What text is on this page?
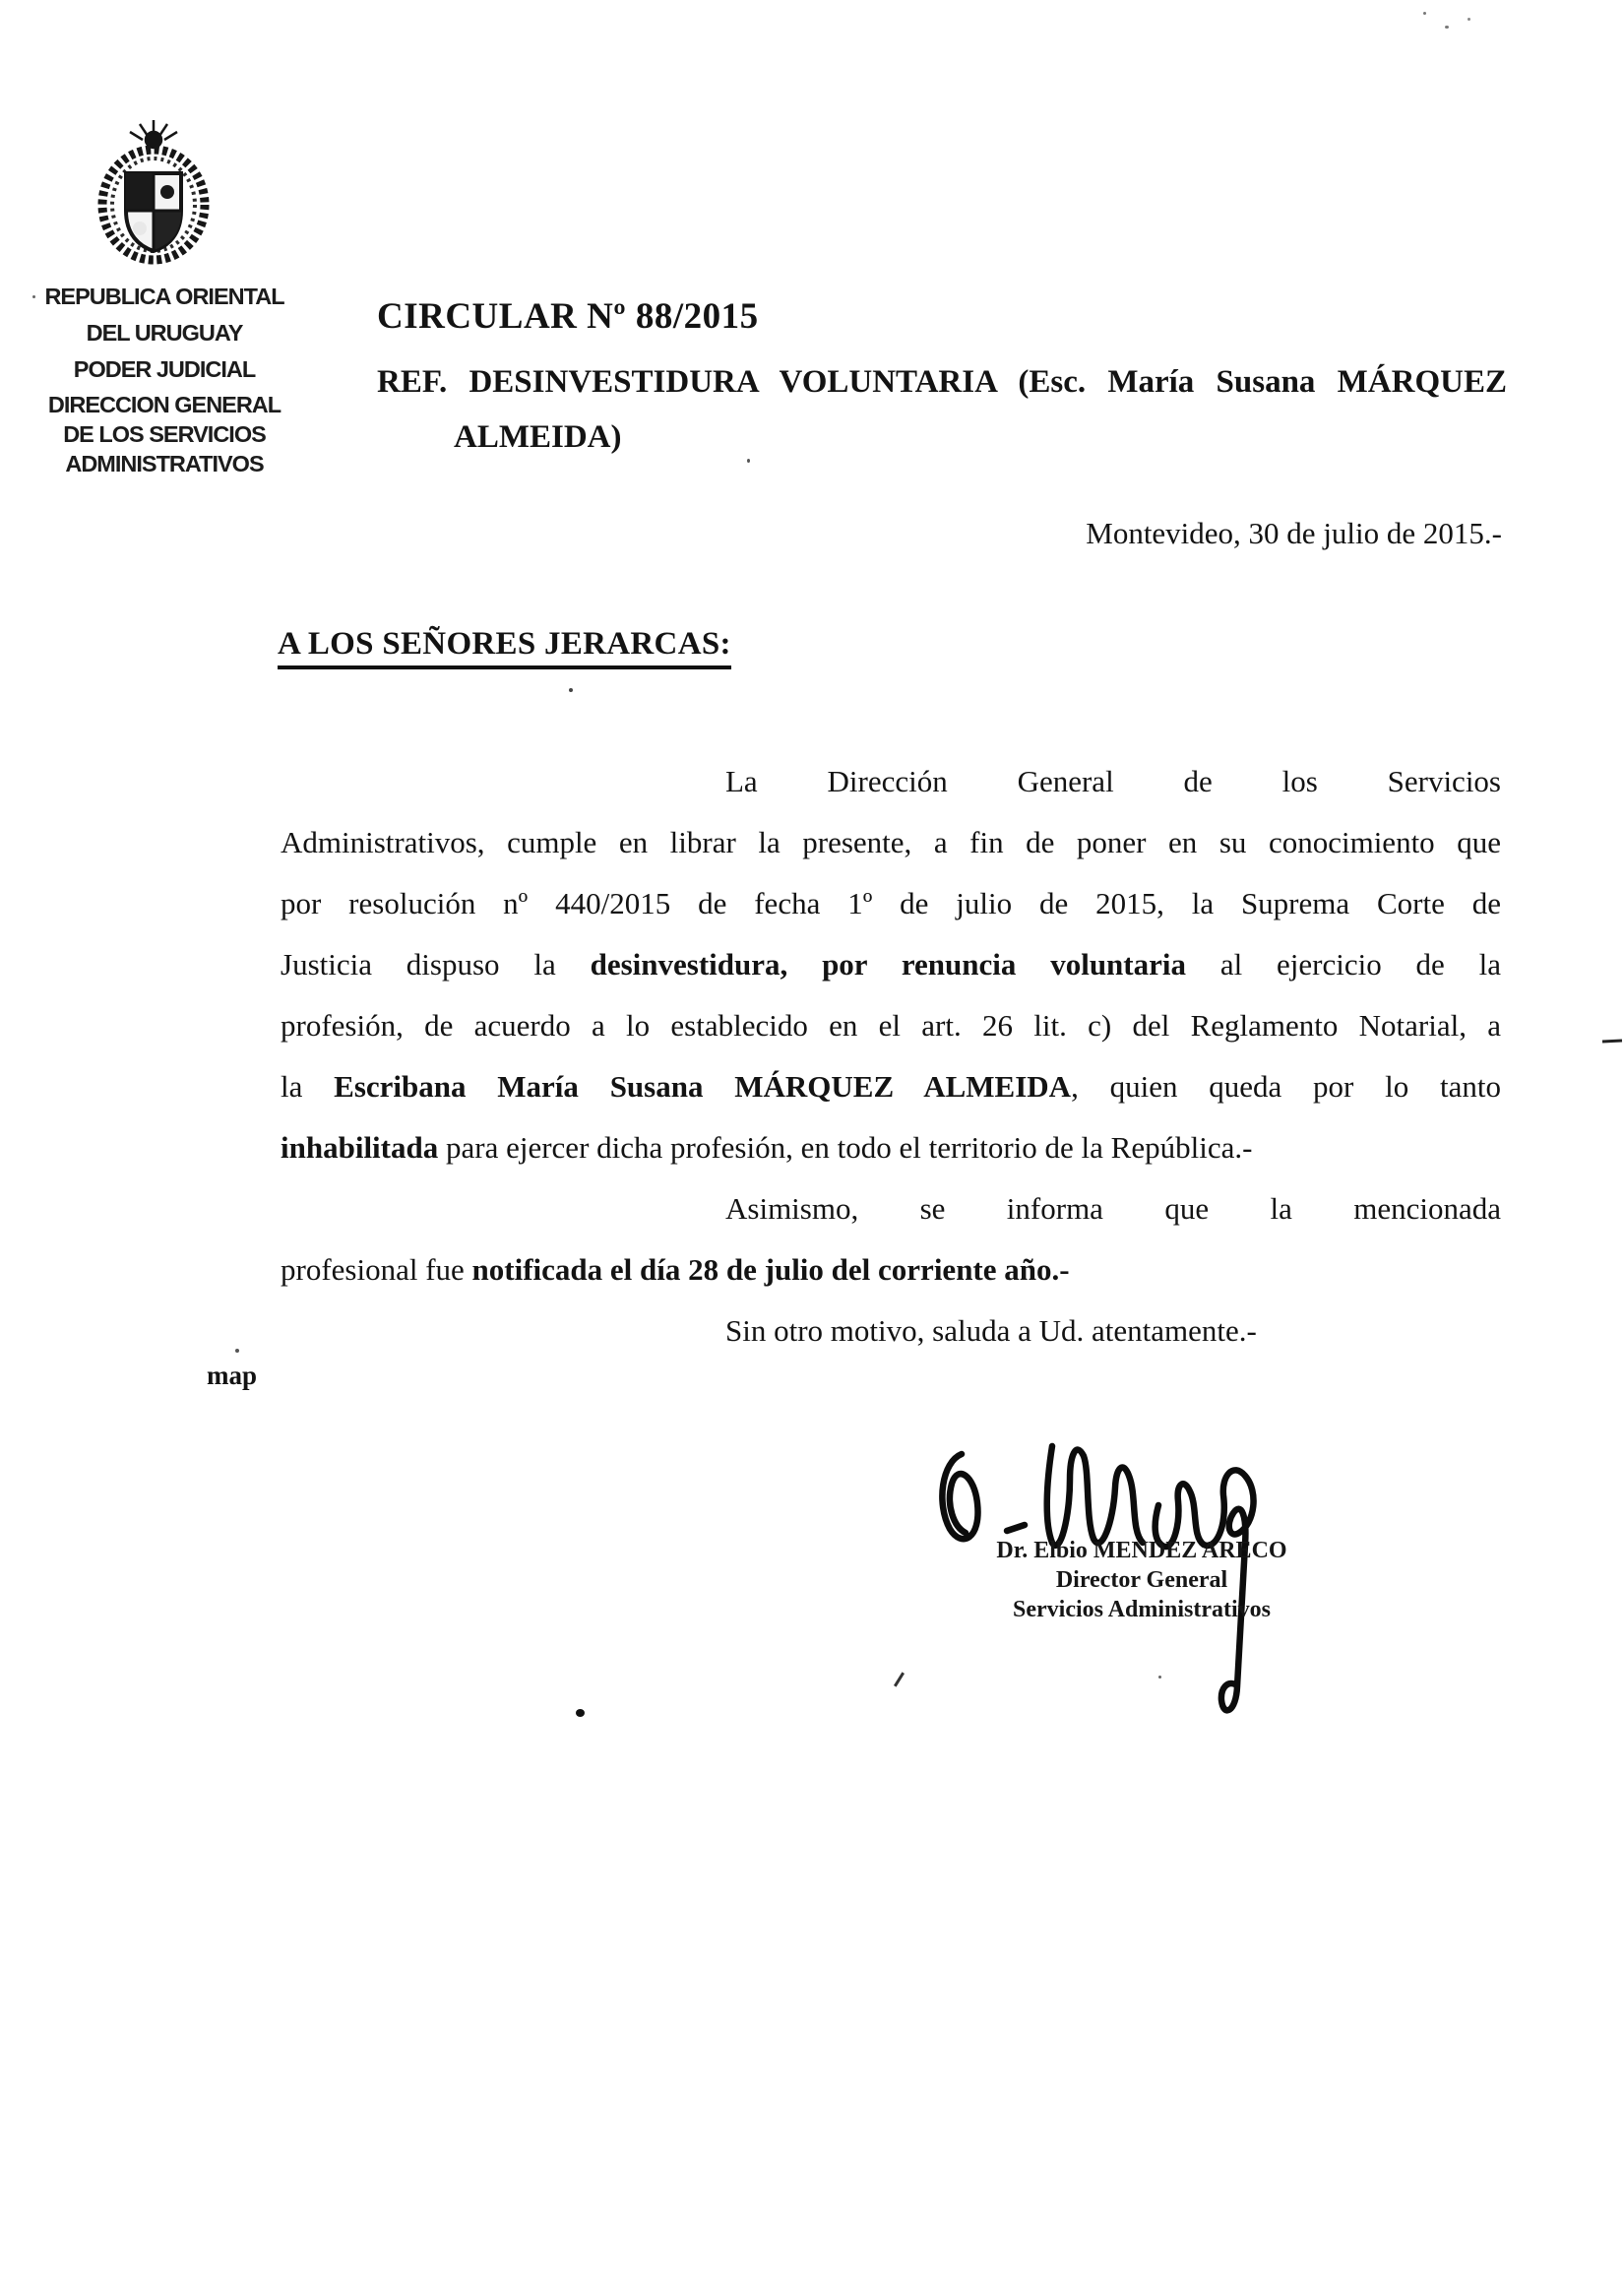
REPUBLICA ORIENTAL
DEL URUGUAY
PODER JUDICIAL
DIRECCION GENERAL
DE LOS SERVICIOS
ADMINISTRATIVOS
CIRCULAR Nº 88/2015
REF. DESINVESTIDURA VOLUNTARIA (Esc. María Susana MÁRQUEZ
ALMEIDA)
Montevideo, 30 de julio de 2015.-
A LOS SEÑORES JERARCAS:
La Dirección General de los Servicios
Administrativos, cumple en librar la presente, a fin de poner en su conocimiento que
por resolución nº 440/2015 de fecha 1º de julio de 2015, la Suprema Corte de
Justicia dispuso la desinvestidura, por renuncia voluntaria al ejercicio de la
profesión, de acuerdo a lo establecido en el art. 26 lit. c) del Reglamento Notarial, a
la Escribana María Susana MÁRQUEZ ALMEIDA, quien queda por lo tanto
inhabilitada para ejercer dicha profesión, en todo el territorio de la República.-
Asimismo, se informa que la mencionada
profesional fue notificada el día 28 de julio del corriente año.-
Sin otro motivo, saluda a Ud. atentamente.-
map
Dr. Elbio MENDEZ ARECO
Director General
Servicios Administrativos
